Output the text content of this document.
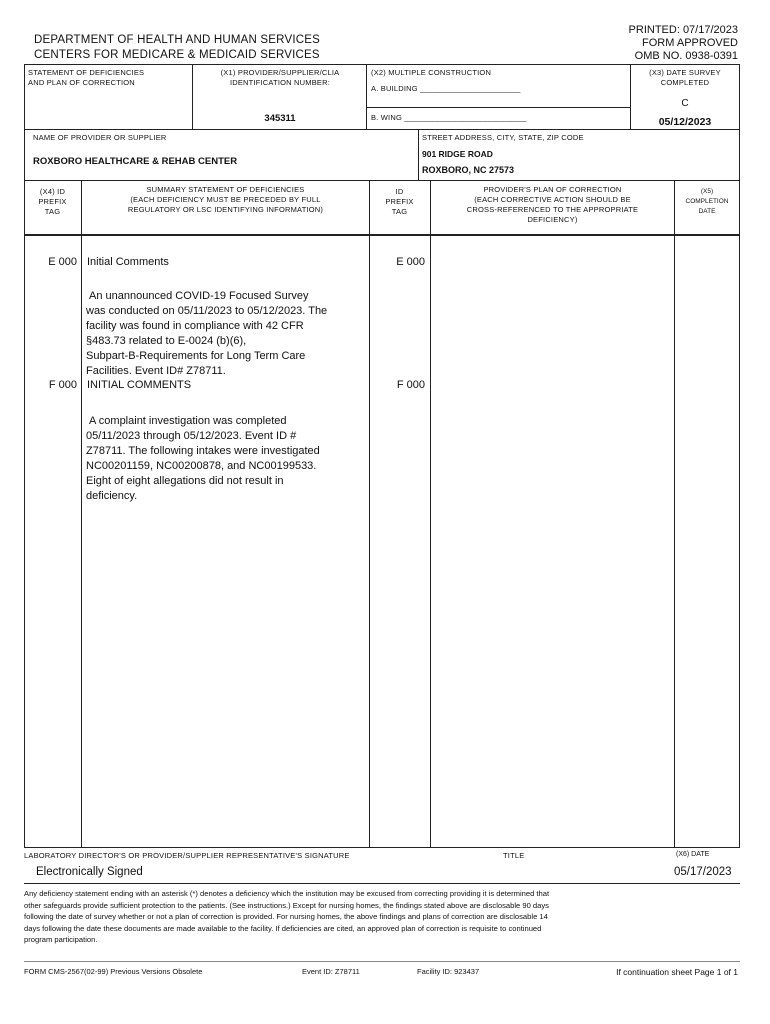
DEPARTMENT OF HEALTH AND HUMAN SERVICES
CENTERS FOR MEDICARE & MEDICAID SERVICES
PRINTED: 07/17/2023
FORM APPROVED
OMB NO. 0938-0391
STATEMENT OF DEFICIENCIES
AND PLAN OF CORRECTION
(X1) PROVIDER/SUPPLIER/CLIA
IDENTIFICATION NUMBER:
345311
(X2) MULTIPLE CONSTRUCTION
A. BUILDING _______________________
B. WING ____________________________
(X3) DATE SURVEY
COMPLETED
C
05/12/2023
NAME OF PROVIDER OR SUPPLIER
ROXBORO HEALTHCARE & REHAB CENTER
STREET ADDRESS, CITY, STATE, ZIP CODE
901 RIDGE ROAD
ROXBORO, NC 27573
(X4) ID
PREFIX
TAG
SUMMARY STATEMENT OF DEFICIENCIES
(EACH DEFICIENCY MUST BE PRECEDED BY FULL
REGULATORY OR LSC IDENTIFYING INFORMATION)
ID
PREFIX
TAG
PROVIDER'S PLAN OF CORRECTION
(EACH CORRECTIVE ACTION SHOULD BE
CROSS-REFERENCED TO THE APPROPRIATE
DEFICIENCY)
(X5)
COMPLETION
DATE
E 000 Initial Comments	E 000
An unannounced COVID-19 Focused Survey
was conducted on 05/11/2023 to 05/12/2023. The
facility was found in compliance with 42 CFR
§483.73 related to E-0024 (b)(6),
Subpart-B-Requirements for Long Term Care
Facilities. Event ID# Z78711.
F 000 INITIAL COMMENTS	F 000
A complaint investigation was completed
05/11/2023 through 05/12/2023. Event ID #
Z78711. The following intakes were investigated
NC00201159, NC00200878, and NC00199533.
Eight of eight allegations did not result in
deficiency.
LABORATORY DIRECTOR'S OR PROVIDER/SUPPLIER REPRESENTATIVE'S SIGNATURE
Electronically Signed
TITLE	(X6) DATE
05/17/2023
Any deficiency statement ending with an asterisk (*) denotes a deficiency which the institution may be excused from correcting providing it is determined that
other safeguards provide sufficient protection to the patients. (See instructions.) Except for nursing homes, the findings stated above are disclosable 90 days
following the date of survey whether or not a plan of correction is provided. For nursing homes, the above findings and plans of correction are disclosable 14
days following the date these documents are made available to the facility. If deficiencies are cited, an approved plan of correction is requisite to continued
program participation.
FORM CMS-2567(02-99) Previous Versions Obsolete	Event ID: Z78711	Facility ID: 923437	If continuation sheet Page 1 of 1
